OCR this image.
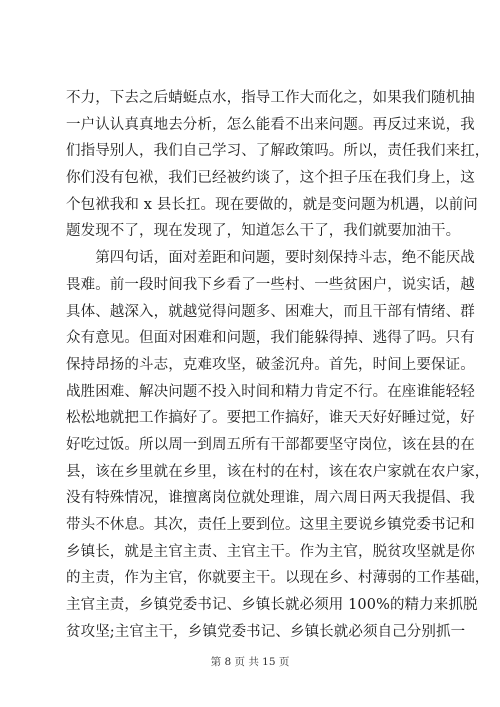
不力，下去之后蜻蜓点水，指导工作大而化之，如果我们随机抽
一户认认真真地去分析，怎么能看不出来问题。再反过来说，我
们指导别人，我们自己学习、了解政策吗。所以，责任我们来扛，
你们没有包袱，我们已经被约谈了，这个担子压在我们身上，这
个包袱我和 x 县长扛。现在要做的，就是变问题为机遇，以前问
题发现不了，现在发现了，知道怎么干了，我们就要加油干。
　　第四句话，面对差距和问题，要时刻保持斗志，绝不能厌战
畏难。前一段时间我下乡看了一些村、一些贫困户，说实话，越
具体、越深入，就越觉得问题多、困难大，而且干部有情绪、群
众有意见。但面对困难和问题，我们能躲得掉、逃得了吗。只有
保持昂扬的斗志，克难攻坚，破釜沉舟。首先，时间上要保证。
战胜困难、解决问题不投入时间和精力肯定不行。在座谁能轻轻
松松地就把工作搞好了。要把工作搞好，谁天天好好睡过觉，好
好吃过饭。所以周一到周五所有干部都要坚守岗位，该在县的在
县，该在乡里就在乡里，该在村的在村，该在农户家就在农户家，
没有特殊情况，谁擅离岗位就处理谁，周六周日两天我提倡、我
带头不休息。其次，责任上要到位。这里主要说乡镇党委书记和
乡镇长，就是主官主责、主官主干。作为主官，脱贫攻坚就是你
的主责，作为主官，你就要主干。以现在乡、村薄弱的工作基础，
主官主责，乡镇党委书记、乡镇长就必须用 100%的精力来抓脱
贫攻坚;主官主干，乡镇党委书记、乡镇长就必须自己分别抓一
第 8 页 共 15 页
